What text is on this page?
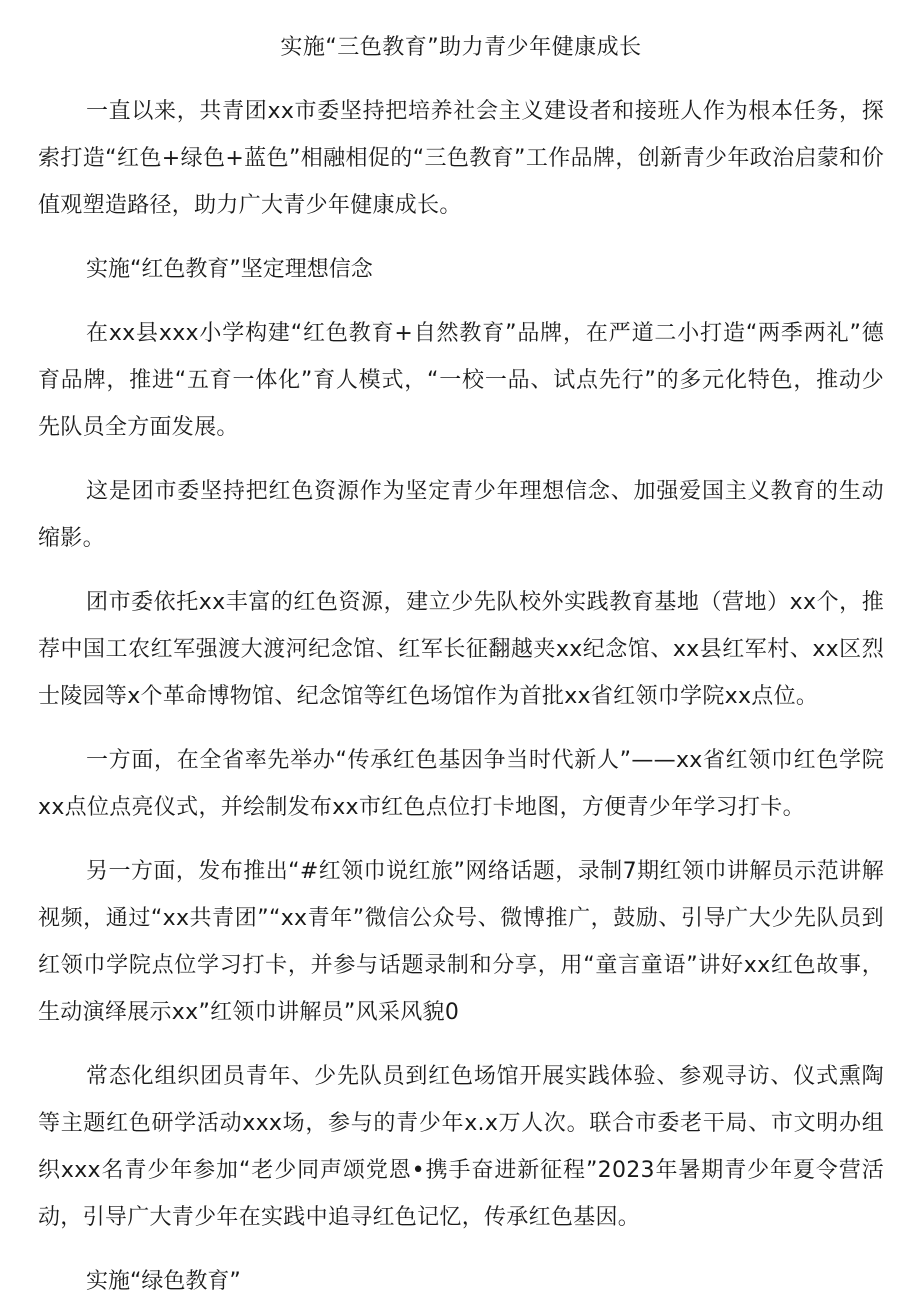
实施“三色教育”助力青少年健康成长

一直以来，共青团xx市委坚持把培养社会主义建设者和接班人作为根本任务，探索打造“红色+绿色+蓝色”相融相促的“三色教育”工作品牌，创新青少年政治启蒙和价值观塑造路径，助力广大青少年健康成长。

实施“红色教育”坚定理想信念

在xx县xxx小学构建“红色教育+自然教育”品牌，在严道二小打造“两季两礼”德育品牌，推进“五育一体化”育人模式，“一校一品、试点先行”的多元化特色，推动少先队员全方面发展。

这是团市委坚持把红色资源作为坚定青少年理想信念、加强爱国主义教育的生动缩影。

团市委依托xx丰富的红色资源，建立少先队校外实践教育基地（营地）xx个，推荐中国工农红军强渡大渡河纪念馆、红军长征翻越夹xx纪念馆、xx县红军村、xx区烈士陵园等x个革命博物馆、纪念馆等红色场馆作为首批xx省红领巾学院xx点位。

一方面，在全省率先举办“传承红色基因争当时代新人”——xx省红领巾红色学院xx点位点亮仪式，并绘制发布xx市红色点位打卡地图，方便青少年学习打卡。

另一方面，发布推出“#红领巾说红旅”网络话题，录制7期红领巾讲解员示范讲解视频，通过“xx共青团”“xx青年”微信公众号、微博推广，鼓励、引导广大少先队员到红领巾学院点位学习打卡，并参与话题录制和分享，用“童言童语”讲好xx红色故事，生动演绎展示xx”红领巾讲解员”风采风貌0

常态化组织团员青年、少先队员到红色场馆开展实践体验、参观寻访、仪式熏陶等主题红色研学活动xxx场，参与的青少年x.x万人次。联合市委老干局、市文明办组织xxx名青少年参加“老少同声颂党恩•携手奋进新征程”2023年暑期青少年夏令营活动，引导广大青少年在实践中追寻红色记忆，传承红色基因。

实施“绿色教育”
